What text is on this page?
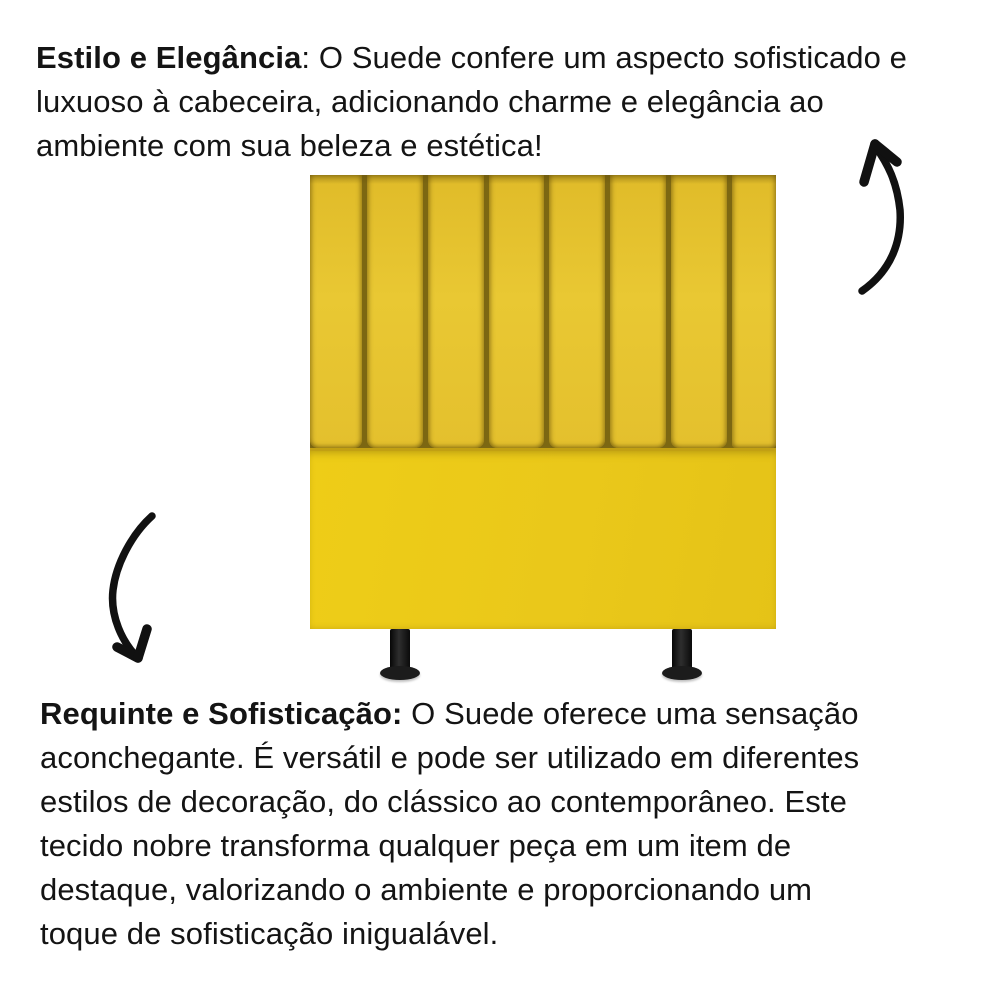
Estilo e Elegância: O Suede confere um aspecto sofisticado e
luxuoso à cabeceira, adicionando charme e elegância ao
ambiente com sua beleza e estética!

Requinte e Sofisticação: O Suede oferece uma sensação
aconchegante. É versátil e pode ser utilizado em diferentes
estilos de decoração, do clássico ao contemporâneo. Este
tecido nobre transforma qualquer peça em um item de
destaque, valorizando o ambiente e proporcionando um
toque de sofisticação inigualável.
